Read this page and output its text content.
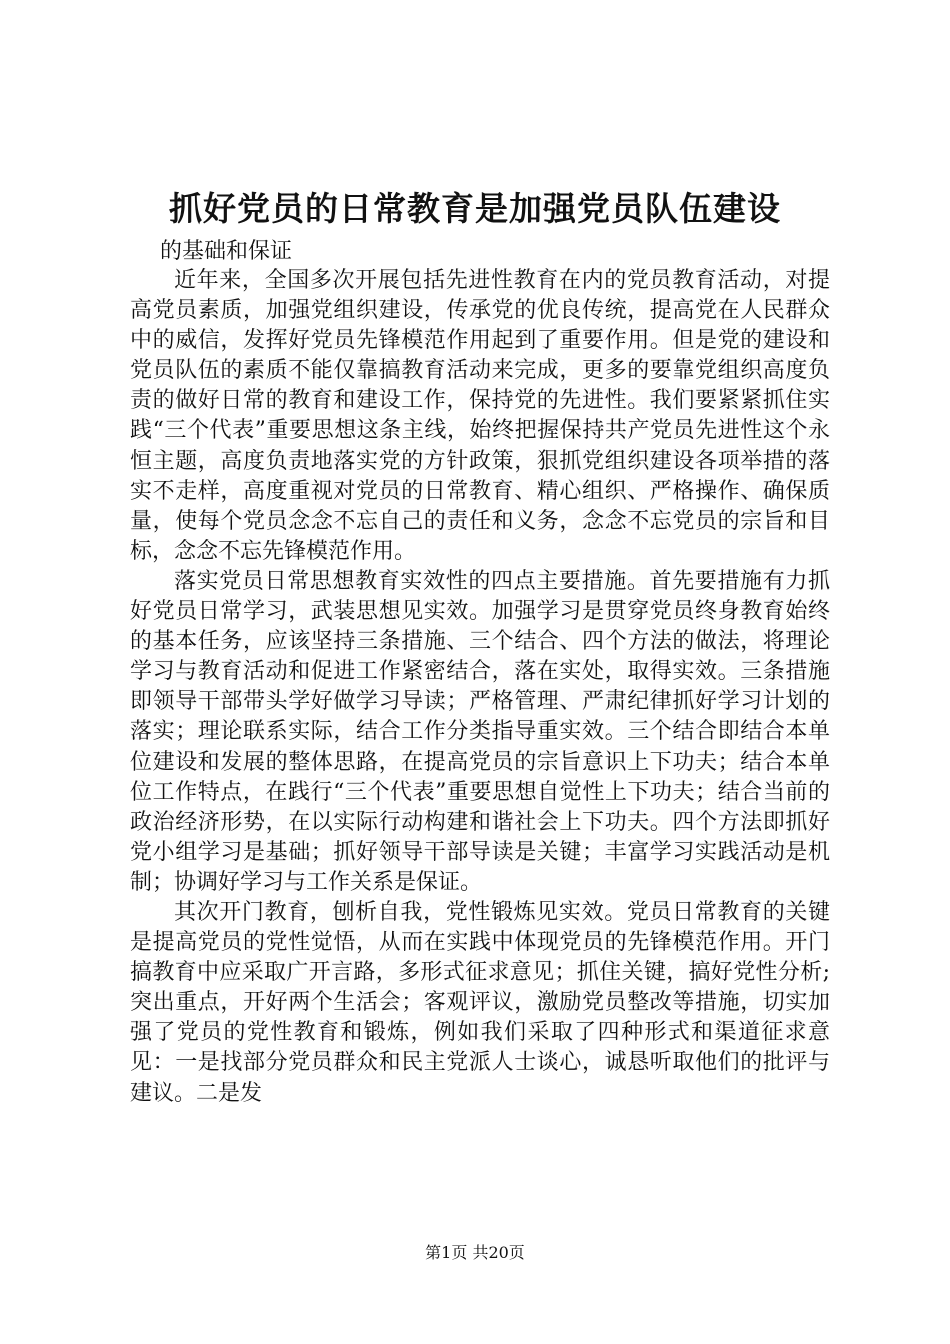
抓好党员的日常教育是加强党员队伍建设
的基础和保证

近年来，全国多次开展包括先进性教育在内的党员教育活动，对提高党员素质，加强党组织建设，传承党的优良传统，提高党在人民群众中的威信，发挥好党员先锋模范作用起到了重要作用。但是党的建设和党员队伍的素质不能仅靠搞教育活动来完成，更多的要靠党组织高度负责的做好日常的教育和建设工作，保持党的先进性。我们要紧紧抓住实践“三个代表”重要思想这条主线，始终把握保持共产党员先进性这个永恒主题，高度负责地落实党的方针政策，狠抓党组织建设各项举措的落实不走样，高度重视对党员的日常教育、精心组织、严格操作、确保质量，使每个党员念念不忘自己的责任和义务，念念不忘党员的宗旨和目标，念念不忘先锋模范作用。

落实党员日常思想教育实效性的四点主要措施。首先要措施有力抓好党员日常学习，武装思想见实效。加强学习是贯穿党员终身教育始终的基本任务，应该坚持三条措施、三个结合、四个方法的做法，将理论学习与教育活动和促进工作紧密结合，落在实处，取得实效。三条措施即领导干部带头学好做学习导读；严格管理、严肃纪律抓好学习计划的落实；理论联系实际，结合工作分类指导重实效。三个结合即结合本单位建设和发展的整体思路，在提高党员的宗旨意识上下功夫；结合本单位工作特点，在践行“三个代表”重要思想自觉性上下功夫；结合当前的政治经济形势，在以实际行动构建和谐社会上下功夫。四个方法即抓好党小组学习是基础；抓好领导干部导读是关键；丰富学习实践活动是机制；协调好学习与工作关系是保证。

其次开门教育，刨析自我，党性锻炼见实效。党员日常教育的关键是提高党员的党性觉悟，从而在实践中体现党员的先锋模范作用。开门搞教育中应采取广开言路，多形式征求意见；抓住关键，搞好党性分析;突出重点，开好两个生活会；客观评议，激励党员整改等措施，切实加强了党员的党性教育和锻炼，例如我们采取了四种形式和渠道征求意见：一是找部分党员群众和民主党派人士谈心，诚恳听取他们的批评与建议。二是发

第1页 共20页
